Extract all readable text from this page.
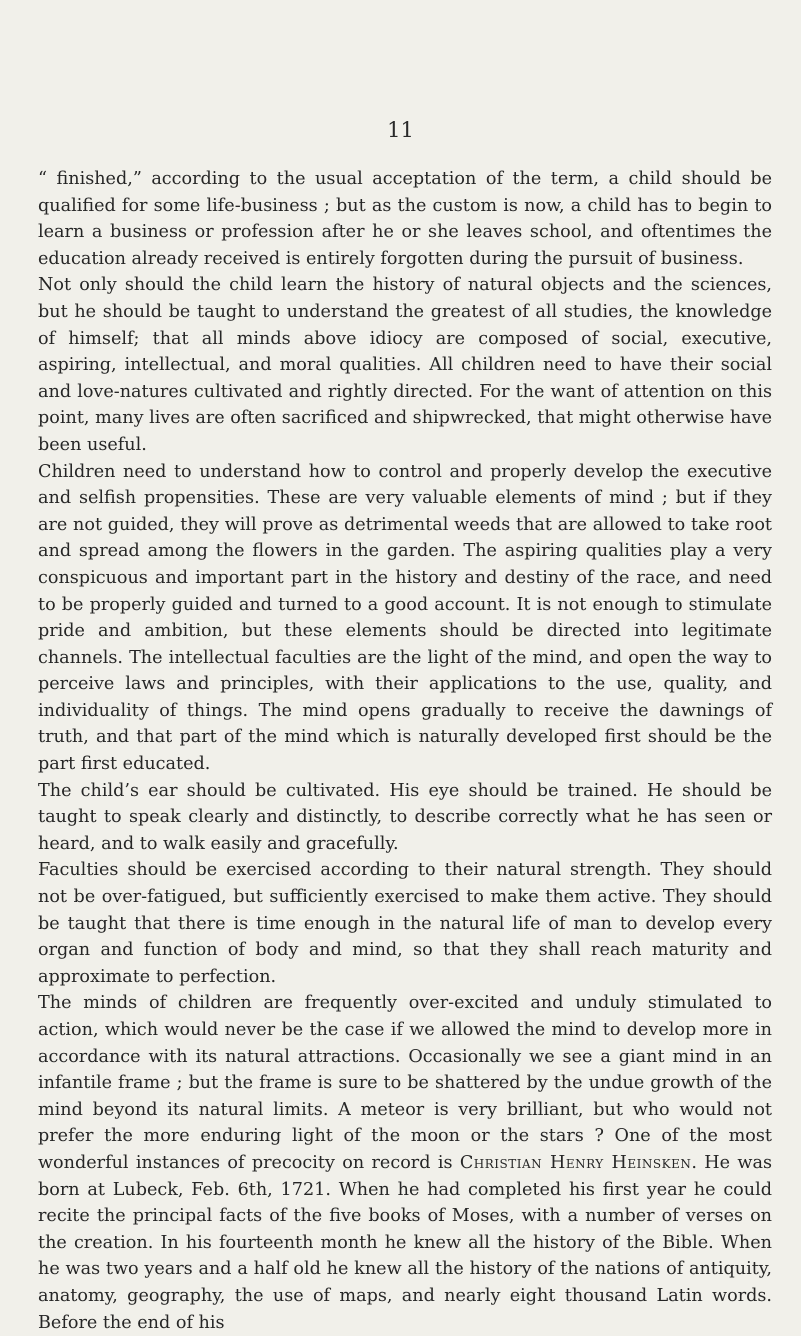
11

“ finished,” according to the usual acceptation of the term, a child should be qualified for some life-business ; but as the custom is now, a child has to begin to learn a business or profession after he or she leaves school, and oftentimes the education already received is entirely forgotten during the pursuit of business.

Not only should the child learn the history of natural objects and the sciences, but he should be taught to understand the greatest of all studies, the knowledge of himself; that all minds above idiocy are composed of social, executive, aspiring, intellectual, and moral qualities. All children need to have their social and love-natures cultivated and rightly directed. For the want of attention on this point, many lives are often sacrificed and shipwrecked, that might otherwise have been useful.

Children need to understand how to control and properly develop the executive and selfish propensities. These are very valuable elements of mind ; but if they are not guided, they will prove as detrimental weeds that are allowed to take root and spread among the flowers in the garden. The aspiring qualities play a very conspicuous and important part in the history and destiny of the race, and need to be properly guided and turned to a good account. It is not enough to stimulate pride and ambition, but these elements should be directed into legitimate channels. The intellectual faculties are the light of the mind, and open the way to perceive laws and principles, with their applications to the use, quality, and individuality of things. The mind opens gradually to receive the dawnings of truth, and that part of the mind which is naturally developed first should be the part first educated.

The child’s ear should be cultivated. His eye should be trained. He should be taught to speak clearly and distinctly, to describe correctly what he has seen or heard, and to walk easily and gracefully.

Faculties should be exercised according to their natural strength. They should not be over-fatigued, but sufficiently exercised to make them active. They should be taught that there is time enough in the natural life of man to develop every organ and function of body and mind, so that they shall reach maturity and approximate to perfection.

The minds of children are frequently over-excited and unduly stimulated to action, which would never be the case if we allowed the mind to develop more in accordance with its natural attractions. Occasionally we see a giant mind in an infantile frame ; but the frame is sure to be shattered by the undue growth of the mind beyond its natural limits. A meteor is very brilliant, but who would not prefer the more enduring light of the moon or the stars ? One of the most wonderful instances of precocity on record is Christian Henry Heinsken. He was born at Lubeck, Feb. 6th, 1721. When he had completed his first year he could recite the principal facts of the five books of Moses, with a number of verses on the creation. In his fourteenth month he knew all the history of the Bible. When he was two years and a half old he knew all the history of the nations of antiquity, anatomy, geography, the use of maps, and nearly eight thousand Latin words. Before the end of his
